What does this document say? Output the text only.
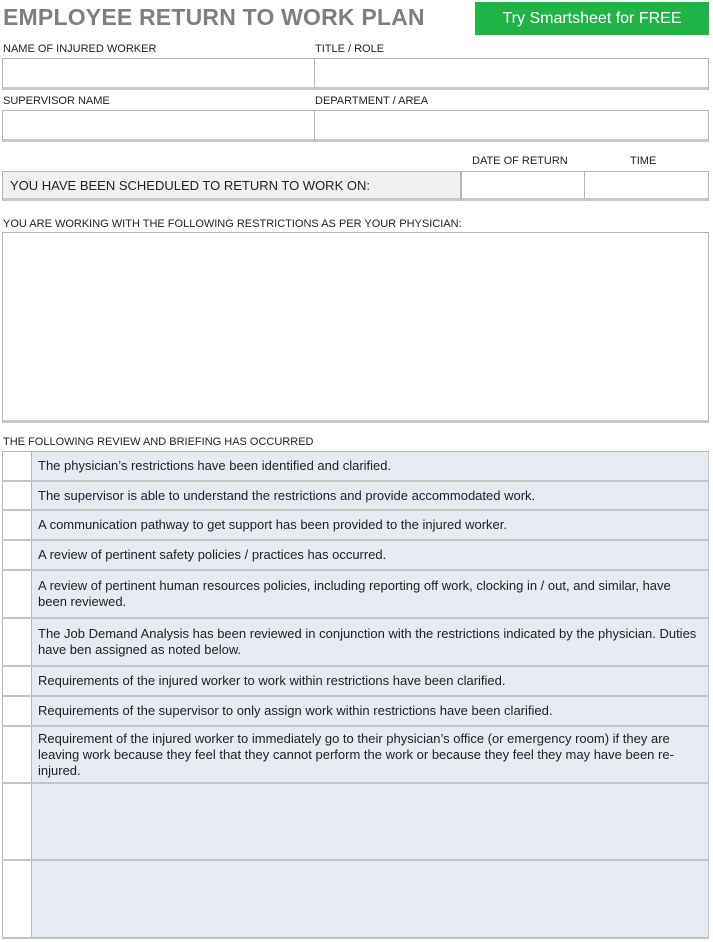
EMPLOYEE RETURN TO WORK PLAN	Try Smartsheet for FREE
NAME OF INJURED WORKER	TITLE / ROLE
SUPERVISOR NAME	DEPARTMENT / AREA
DATE OF RETURN	TIME
YOU HAVE BEEN SCHEDULED TO RETURN TO WORK ON:
YOU ARE WORKING WITH THE FOLLOWING RESTRICTIONS AS PER YOUR PHYSICIAN:
THE FOLLOWING REVIEW AND BRIEFING HAS OCCURRED
The physician’s restrictions have been identified and clarified.
The supervisor is able to understand the restrictions and provide accommodated work.
A communication pathway to get support has been provided to the injured worker.
A review of pertinent safety policies / practices has occurred.
A review of pertinent human resources policies, including reporting off work, clocking in / out, and similar, have been reviewed.
The Job Demand Analysis has been reviewed in conjunction with the restrictions indicated by the physician. Duties have ben assigned as noted below.
Requirements of the injured worker to work within restrictions have been clarified.
Requirements of the supervisor to only assign work within restrictions have been clarified.
Requirement of the injured worker to immediately go to their physician’s office (or emergency room) if they are leaving work because they feel that they cannot perform the work or because they feel they may have been re-injured.
